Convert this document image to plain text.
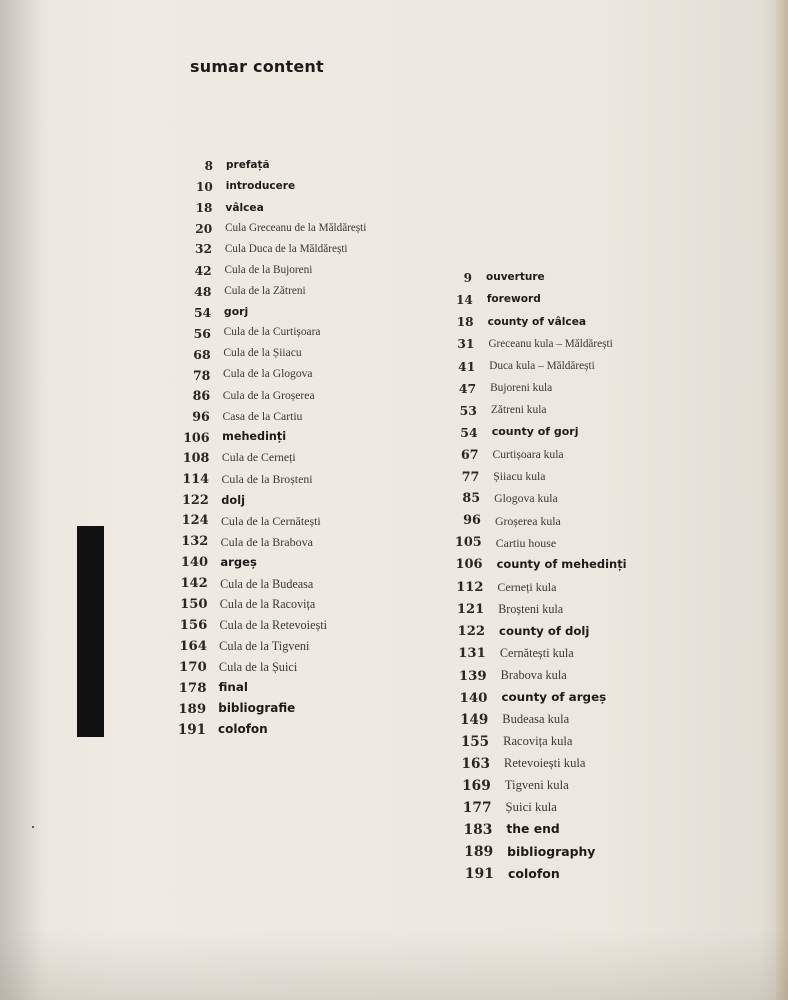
sumar content
8 prefață
10 introducere
18 vâlcea
20 Cula Greceanu de la Măldărești
32 Cula Duca de la Măldărești
42 Cula de la Bujoreni
48 Cula de la Zătreni
54 gorj
56 Cula de la Curtișoara
68 Cula de la Șiiacu
78 Cula de la Glogova
86 Cula de la Groșerea
96 Casa de la Cartiu
106 mehedinți
108 Cula de Cerneți
114 Cula de la Broșteni
122 dolj
124 Cula de la Cernătești
132 Cula de la Brabova
140 argeș
142 Cula de la Budeasa
150 Cula de la Racovița
156 Cula de la Retevoiești
164 Cula de la Tigveni
170 Cula de la Șuici
178 final
189 bibliografie
191 colofon
9 ouverture
14 foreword
18 county of vâlcea
31 Greceanu kula – Măldărești
41 Duca kula – Măldărești
47 Bujoreni kula
53 Zătreni kula
54 county of gorj
67 Curtișoara kula
77 Șiiacu kula
85 Glogova kula
96 Groșerea kula
105 Cartiu house
106 county of mehedinți
112 Cerneți kula
121 Broșteni kula
122 county of dolj
131 Cernătești kula
139 Brabova kula
140 county of argeș
149 Budeasa kula
155 Racovița kula
163 Retevoiești kula
169 Tigveni kula
177 Șuici kula
183 the end
189 bibliography
191 colofon
